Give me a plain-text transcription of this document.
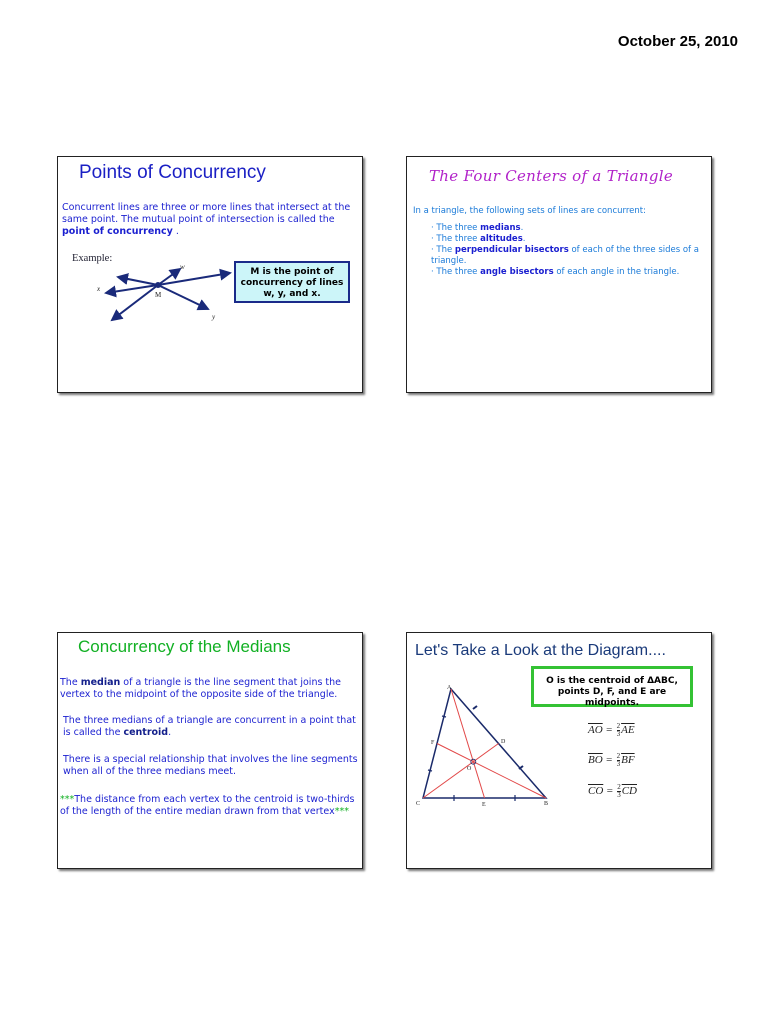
October 25, 2010
Points of Concurrency
Concurrent lines are three or more lines that intersect at the same point. The mutual point of intersection is called the point of concurrency .
Example:
w
x
M
y
M is the point of concurrency of lines w, y, and x.
The Four Centers of a Triangle
In a triangle, the following sets of lines are concurrent:
· The three medians.
· The three altitudes.
· The perpendicular bisectors of each of the three sides of a triangle.
· The three angle bisectors of each angle in the triangle.
Concurrency of the Medians
The median of a triangle is the line segment that joins the vertex to the midpoint of the opposite side of the triangle.
The three medians of a triangle are concurrent in a point that is called the centroid.
There is a special relationship that involves the line segments when all of the three medians meet.
***The distance from each vertex to the centroid is two-thirds of the length of the entire median drawn from that vertex***
Let's Take a Look at the Diagram....
A
B
C
D
E
F
O
O is the centroid of ΔABC,
points D, F, and E are midpoints.
$\overline{AO} = \frac{2}{3} \overline{AE}$
$\overline{BO} = \frac{2}{3} \overline{BF}$
$\overline{CO} = \frac{2}{3} \overline{CD}$
